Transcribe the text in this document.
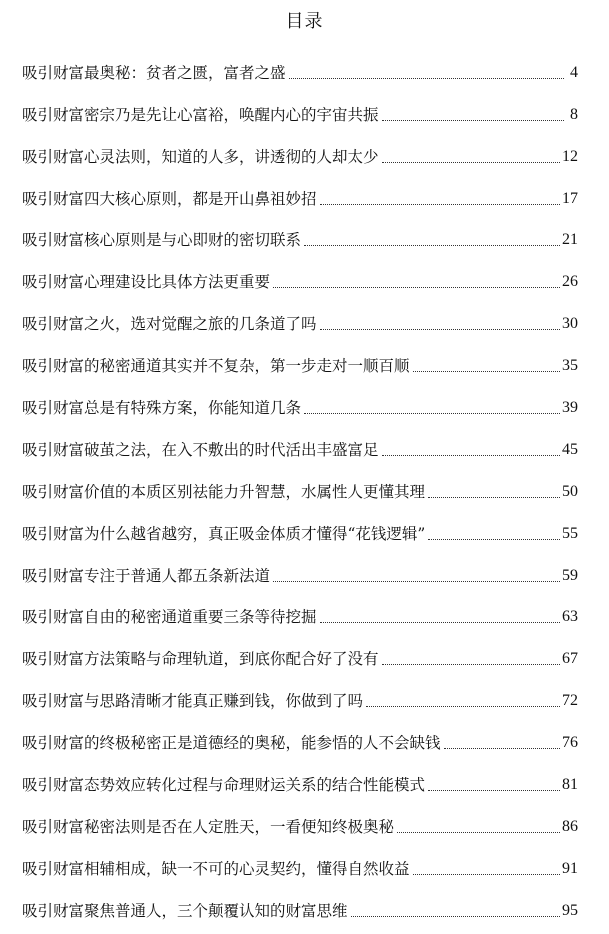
目录
吸引财富最奥秘：贫者之匮，富者之盛	4
吸引财富密宗乃是先让心富裕，唤醒内心的宇宙共振	8
吸引财富心灵法则，知道的人多，讲透彻的人却太少	12
吸引财富四大核心原则，都是开山鼻祖妙招	17
吸引财富核心原则是与心即财的密切联系	21
吸引财富心理建设比具体方法更重要	26
吸引财富之火，选对觉醒之旅的几条道了吗	30
吸引财富的秘密通道其实并不复杂，第一步走对一顺百顺	35
吸引财富总是有特殊方案，你能知道几条	39
吸引财富破茧之法，在入不敷出的时代活出丰盛富足	45
吸引财富价值的本质区别祛能力升智慧，水属性人更懂其理	50
吸引财富为什么越省越穷，真正吸金体质才懂得“花钱逻辑”	55
吸引财富专注于普通人都五条新法道	59
吸引财富自由的秘密通道重要三条等待挖掘	63
吸引财富方法策略与命理轨道，到底你配合好了没有	67
吸引财富与思路清晰才能真正赚到钱，你做到了吗	72
吸引财富的终极秘密正是道德经的奥秘，能参悟的人不会缺钱	76
吸引财富态势效应转化过程与命理财运关系的结合性能模式	81
吸引财富秘密法则是否在人定胜天，一看便知终极奥秘	86
吸引财富相辅相成，缺一不可的心灵契约，懂得自然收益	91
吸引财富聚焦普通人，三个颠覆认知的财富思维	95
